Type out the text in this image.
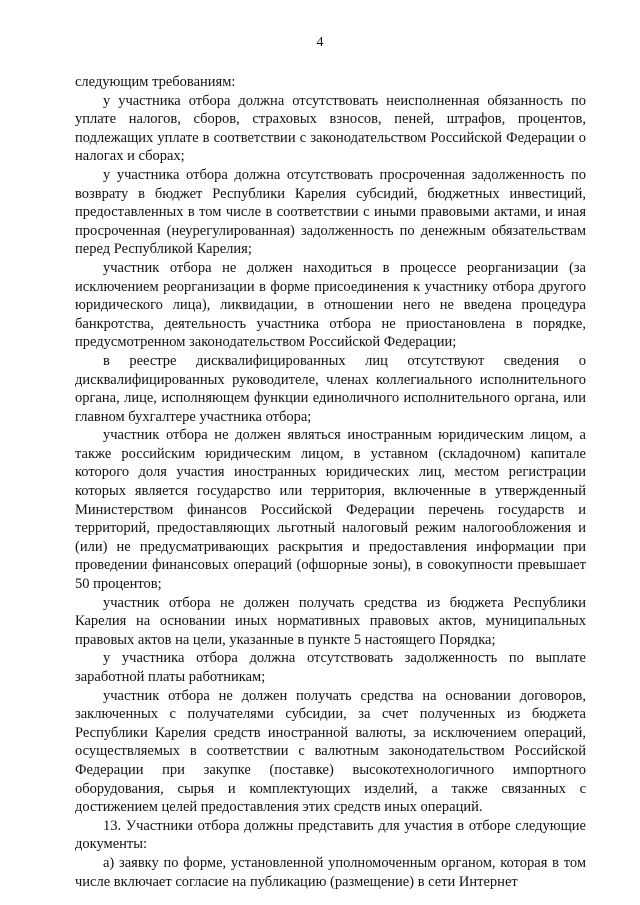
4

следующим требованиям:

у участника отбора должна отсутствовать неисполненная обязанность по уплате налогов, сборов, страховых взносов, пеней, штрафов, процентов, подлежащих уплате в соответствии с законодательством Российской Федерации о налогах и сборах;

у участника отбора должна отсутствовать просроченная задолженность по возврату в бюджет Республики Карелия субсидий, бюджетных инвестиций, предоставленных в том числе в соответствии с иными правовыми актами, и иная просроченная (неурегулированная) задолженность по денежным обязательствам перед Республикой Карелия;

участник отбора не должен находиться в процессе реорганизации (за исключением реорганизации в форме присоединения к участнику отбора другого юридического лица), ликвидации, в отношении него не введена процедура банкротства, деятельность участника отбора не приостановлена в порядке, предусмотренном законодательством Российской Федерации;

в реестре дисквалифицированных лиц отсутствуют сведения о дисквалифицированных руководителе, членах коллегиального исполнительного органа, лице, исполняющем функции единоличного исполнительного органа, или главном бухгалтере участника отбора;

участник отбора не должен являться иностранным юридическим лицом, а также российским юридическим лицом, в уставном (складочном) капитале которого доля участия иностранных юридических лиц, местом регистрации которых является государство или территория, включенные в утвержденный Министерством финансов Российской Федерации перечень государств и территорий, предоставляющих льготный налоговый режим налогообложения и (или) не предусматривающих раскрытия и предоставления информации при проведении финансовых операций (офшорные зоны), в совокупности превышает 50 процентов;

участник отбора не должен получать средства из бюджета Республики Карелия на основании иных нормативных правовых актов, муниципальных правовых актов на цели, указанные в пункте 5 настоящего Порядка;

у участника отбора должна отсутствовать задолженность по выплате заработной платы работникам;

участник отбора не должен получать средства на основании договоров, заключенных с получателями субсидии, за счет полученных из бюджета Республики Карелия средств иностранной валюты, за исключением операций, осуществляемых в соответствии с валютным законодательством Российской Федерации при закупке (поставке) высокотехнологичного импортного оборудования, сырья и комплектующих изделий, а также связанных с достижением целей предоставления этих средств иных операций.

13. Участники отбора должны представить для участия в отборе следующие документы:

а) заявку по форме, установленной уполномоченным органом, которая в том числе включает согласие на публикацию (размещение) в сети Интернет
